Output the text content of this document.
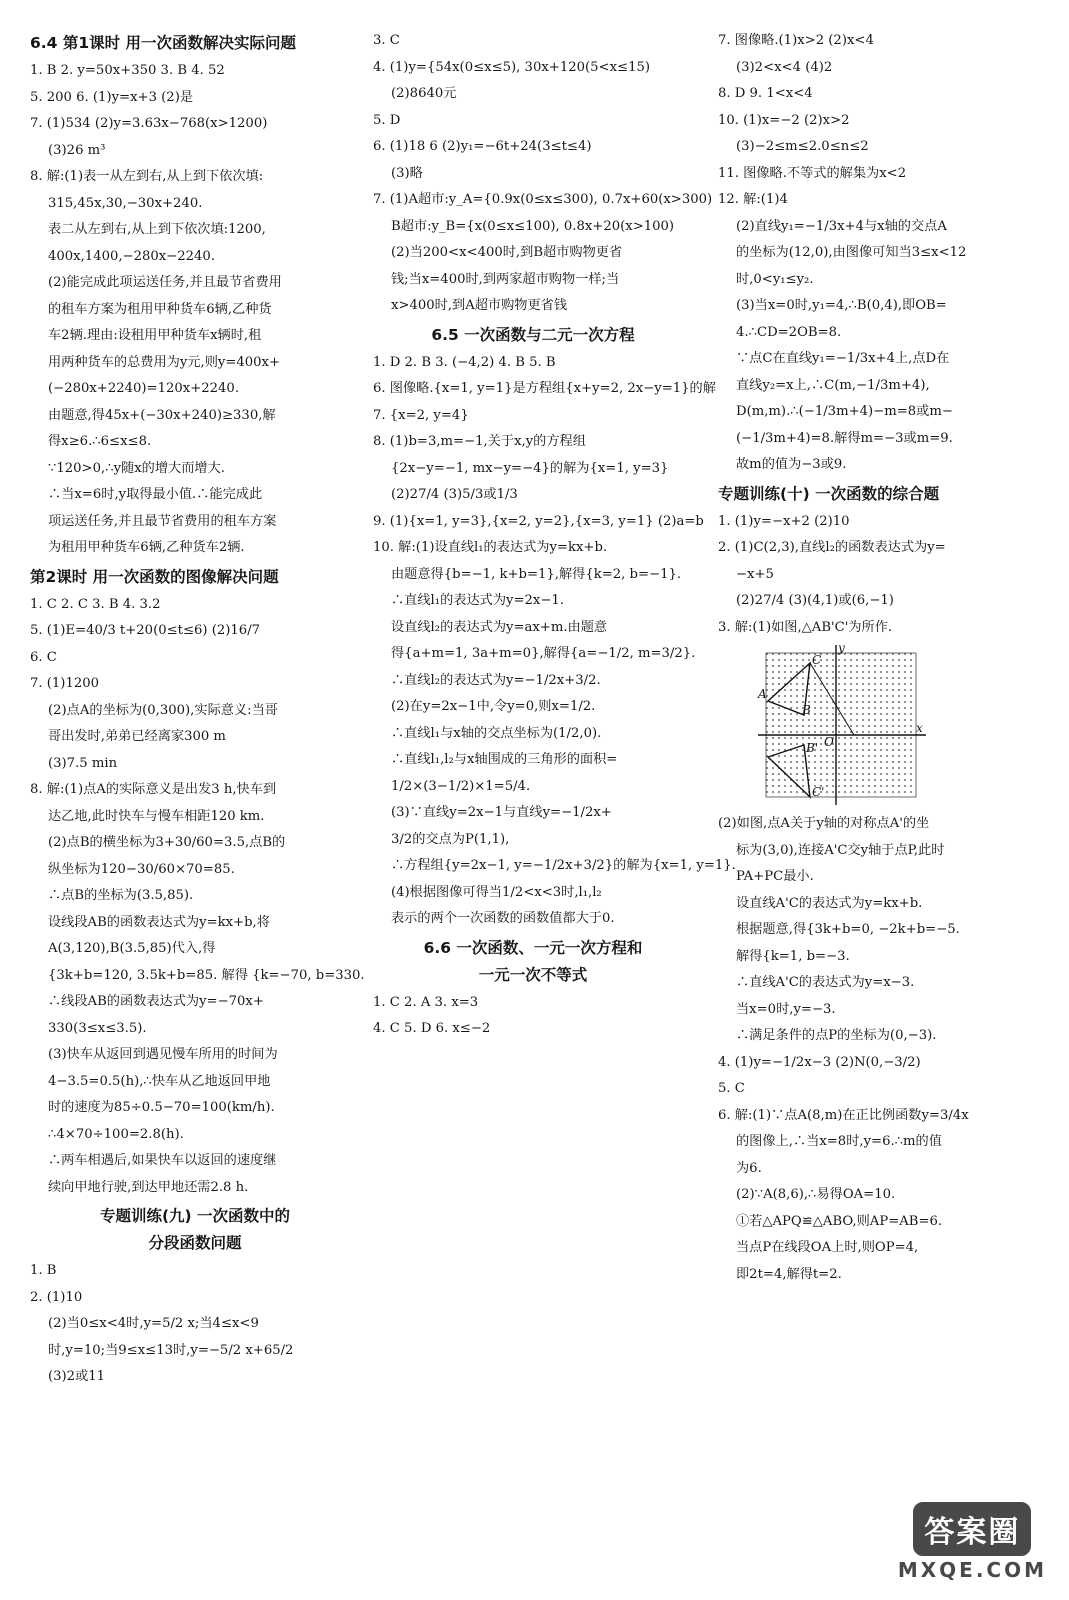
6.4 第1课时 用一次函数解决实际问题
1. B 2. y=50x+350 3. B 4. 52
5. 200 6. (1)y=x+3 (2)是
7. (1)534 (2)y=3.63x−768(x>1200)
(3)26 m³
8. 解:(1)表一从左到右,从上到下依次填:
315,45x,30,−30x+240.
表二从左到右,从上到下依次填:1200,
400x,1400,−280x−2240.
(2)能完成此项运送任务,并且最节省费用
的租车方案为租用甲种货车6辆,乙种货
车2辆.理由:设租用甲种货车x辆时,租
用两种货车的总费用为y元,则y=400x+
(−280x+2240)=120x+2240.
由题意,得45x+(−30x+240)≥330,解
得x≥6.∴6≤x≤8.
∵120>0,∴y随x的增大而增大.
∴当x=6时,y取得最小值.∴能完成此
项运送任务,并且最节省费用的租车方案
为租用甲种货车6辆,乙种货车2辆.
第2课时 用一次函数的图像解决问题
1. C 2. C 3. B 4. 3.2
5. (1)E=40/3 t+20(0≤t≤6) (2)16/7
6. C
7. (1)1200
(2)点A的坐标为(0,300),实际意义:当哥
哥出发时,弟弟已经离家300 m
(3)7.5 min
8. 解:(1)点A的实际意义是出发3 h,快车到
达乙地,此时快车与慢车相距120 km.
(2)点B的横坐标为3+30/60=3.5,点B的
纵坐标为120−30/60×70=85.
∴点B的坐标为(3.5,85).
设线段AB的函数表达式为y=kx+b,将
A(3,120),B(3.5,85)代入,得
{3k+b=120, 3.5k+b=85. 解得 {k=−70, b=330.
∴线段AB的函数表达式为y=−70x+
330(3≤x≤3.5).
(3)快车从返回到遇见慢车所用的时间为
4−3.5=0.5(h),∴快车从乙地返回甲地
时的速度为85÷0.5−70=100(km/h).
∴4×70÷100=2.8(h).
∴两车相遇后,如果快车以返回的速度继
续向甲地行驶,到达甲地还需2.8 h.
专题训练(九) 一次函数中的
分段函数问题
1. B
2. (1)10
(2)当0≤x<4时,y=5/2 x;当4≤x<9
时,y=10;当9≤x≤13时,y=−5/2 x+65/2
(3)2或11
3. C
4. (1)y={54x(0≤x≤5), 30x+120(5<x≤15)
(2)8640元
5. D
6. (1)18 6 (2)y₁=−6t+24(3≤t≤4)
(3)略
7. (1)A超市:y_A={0.9x(0≤x≤300), 0.7x+60(x>300)
B超市:y_B={x(0≤x≤100), 0.8x+20(x>100)
(2)当200<x<400时,到B超市购物更省
钱;当x=400时,到两家超市购物一样;当
x>400时,到A超市购物更省钱
6.5 一次函数与二元一次方程
1. D 2. B 3. (−4,2) 4. B 5. B
6. 图像略.{x=1, y=1}是方程组{x+y=2, 2x−y=1}的解
7. {x=2, y=4}
8. (1)b=3,m=−1,关于x,y的方程组
{2x−y=−1, mx−y=−4}的解为{x=1, y=3}
(2)27/4 (3)5/3或1/3
9. (1){x=1, y=3},{x=2, y=2},{x=3, y=1} (2)a=b
10. 解:(1)设直线l₁的表达式为y=kx+b.
由题意得{b=−1, k+b=1},解得{k=2, b=−1}.
∴直线l₁的表达式为y=2x−1.
设直线l₂的表达式为y=ax+m.由题意
得{a+m=1, 3a+m=0},解得{a=−1/2, m=3/2}.
∴直线l₂的表达式为y=−1/2x+3/2.
(2)在y=2x−1中,令y=0,则x=1/2.
∴直线l₁与x轴的交点坐标为(1/2,0).
∴直线l₁,l₂与x轴围成的三角形的面积=
1/2×(3−1/2)×1=5/4.
(3)∵直线y=2x−1与直线y=−1/2x+
3/2的交点为P(1,1),
∴方程组{y=2x−1, y=−1/2x+3/2}的解为{x=1, y=1}.
(4)根据图像可得当1/2<x<3时,l₁,l₂
表示的两个一次函数的函数值都大于0.
6.6 一次函数、一元一次方程和
一元一次不等式
1. C 2. A 3. x=3
4. C 5. D 6. x≤−2
7. 图像略.(1)x>2 (2)x<4
(3)2<x<4 (4)2
8. D 9. 1<x<4
10. (1)x=−2 (2)x>2
(3)−2≤m≤2.0≤n≤2
11. 图像略.不等式的解集为x<2
12. 解:(1)4
(2)直线y₁=−1/3x+4与x轴的交点A
的坐标为(12,0),由图像可知当3≤x<12
时,0<y₁≤y₂.
(3)当x=0时,y₁=4,∴B(0,4),即OB=
4.∴CD=2OB=8.
∵点C在直线y₁=−1/3x+4上,点D在
直线y₂=x上,∴C(m,−1/3m+4),
D(m,m).∴(−1/3m+4)−m=8或m−
(−1/3m+4)=8.解得m=−3或m=9.
故m的值为−3或9.
专题训练(十) 一次函数的综合题
1. (1)y=−x+2 (2)10
2. (1)C(2,3),直线l₂的函数表达式为y=
−x+5
(2)27/4 (3)(4,1)或(6,−1)
3. 解:(1)如图,△AB'C'为所作.
y
C
O
x
A
B
C'
B'
(2)如图,点A关于y轴的对称点A'的坐
标为(3,0),连接A'C交y轴于点P,此时
PA+PC最小.
设直线A'C的表达式为y=kx+b.
根据题意,得{3k+b=0, −2k+b=−5.
解得{k=1, b=−3.
∴直线A'C的表达式为y=x−3.
当x=0时,y=−3.
∴满足条件的点P的坐标为(0,−3).
4. (1)y=−1/2x−3 (2)N(0,−3/2)
5. C
6. 解:(1)∵点A(8,m)在正比例函数y=3/4x
的图像上,∴当x=8时,y=6.∴m的值
为6.
(2)∵A(8,6),∴易得OA=10.
①若△APQ≌△ABO,则AP=AB=6.
当点P在线段OA上时,则OP=4,
即2t=4,解得t=2.
答案圈
MXQE.COM
